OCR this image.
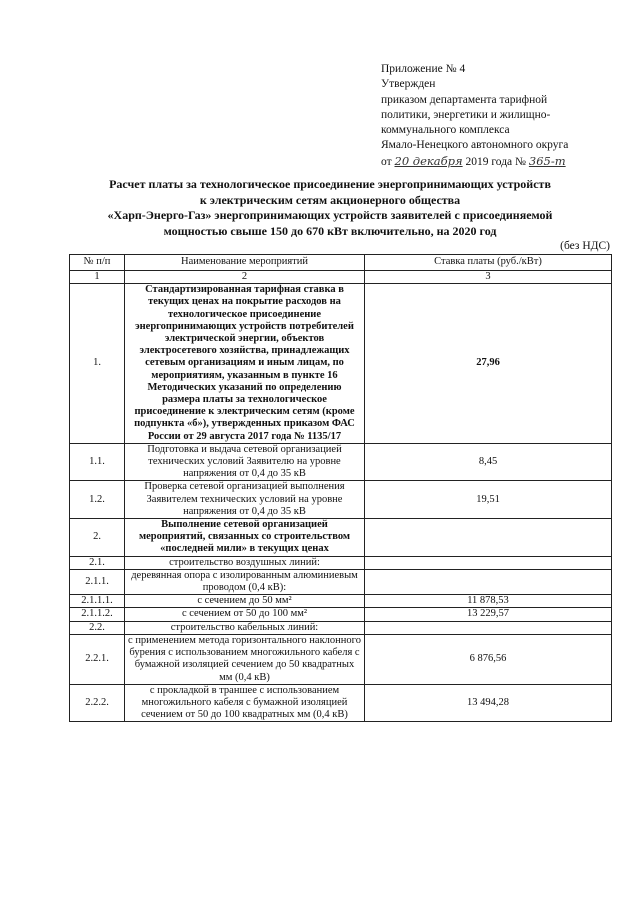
Приложение № 4
Утвержден
приказом департамента тарифной
политики, энергетики и жилищно-
коммунального комплекса
Ямало-Ненецкого автономного округа
от 20 декабря 2019 года № 365-т
Расчет платы за технологическое присоединение энергопринимающих устройств
к электрическим сетям акционерного общества
«Харп-Энерго-Газ» энергопринимающих устройств заявителей с присоединяемой
мощностью свыше 150 до 670 кВт включительно, на 2020 год
(без НДС)
№ п/п	Наименование мероприятий	Ставка платы (руб./кВт)
1	2	3
1.	Стандартизированная тарифная ставка в текущих ценах на покрытие расходов на технологическое присоединение энергопринимающих устройств потребителей электрической энергии, объектов электросетевого хозяйства, принадлежащих сетевым организациям и иным лицам, по мероприятиям, указанным в пункте 16 Методических указаний по определению размера платы за технологическое присоединение к электрическим сетям (кроме подпункта «б»), утвержденных приказом ФАС России от 29 августа 2017 года № 1135/17	27,96
1.1.	Подготовка и выдача сетевой организацией технических условий Заявителю на уровне напряжения от 0,4 до 35 кВ	8,45
1.2.	Проверка сетевой организацией выполнения Заявителем технических условий на уровне напряжения от 0,4 до 35 кВ	19,51
2.	Выполнение сетевой организацией мероприятий, связанных со строительством «последней мили» в текущих ценах	
2.1.	строительство воздушных линий:	
2.1.1.	деревянная опора с изолированным алюминиевым проводом (0,4 кВ):	
2.1.1.1.	с сечением до 50 мм²	11 878,53
2.1.1.2.	с сечением от 50 до 100 мм²	13 229,57
2.2.	строительство кабельных линий:	
2.2.1.	с применением метода горизонтального наклонного бурения с использованием многожильного кабеля с бумажной изоляцией сечением до 50 квадратных мм (0,4 кВ)	6 876,56
2.2.2.	с прокладкой в траншее с использованием многожильного кабеля с бумажной изоляцией сечением от 50 до 100 квадратных мм (0,4 кВ)	13 494,28
